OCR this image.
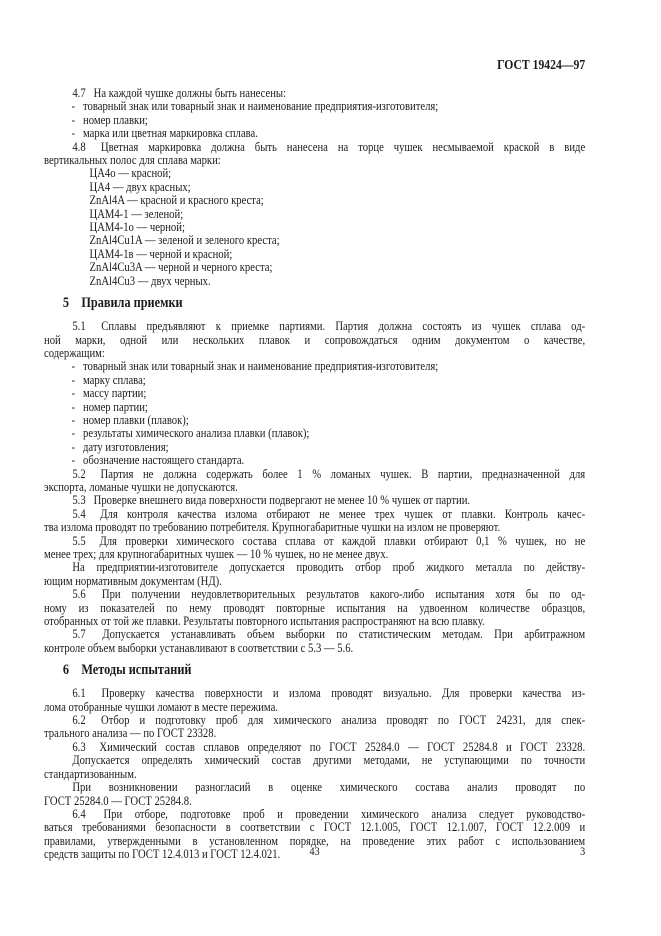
ГОСТ 19424—97
4.7  На каждой чушке должны быть нанесены:
-  товарный знак или товарный знак и наименование предприятия-изготовителя;
-  номер плавки;
-  марка или цветная маркировка сплава.
4.8  Цветная маркировка должна быть нанесена на торце чушек несмываемой краской в виде
вертикальных полос для сплава марки:
ЦА4о — красной;
ЦА4 — двух красных;
ZnAl4A — красной и красного креста;
ЦАМ4-1 — зеленой;
ЦАМ4-1о — черной;
ZnAl4Cu1A — зеленой и зеленого креста;
ЦАМ4-1в — черной и красной;
ZnAl4Cu3A — черной и черного креста;
ZnAl4Cu3 — двух черных.
5 Правила приемки
5.1  Сплавы предъявляют к приемке партиями. Партия должна состоять из чушек сплава од-
ной марки, одной или нескольких плавок и сопровождаться одним документом о качестве,
содержащим:
-  товарный знак или товарный знак и наименование предприятия-изготовителя;
-  марку сплава;
-  массу партии;
-  номер партии;
-  номер плавки (плавок);
-  результаты химического анализа плавки (плавок);
-  дату изготовления;
-  обозначение настоящего стандарта.
5.2  Партия не должна содержать более 1 % ломаных чушек. В партии, предназначенной для
экспорта, ломаные чушки не допускаются.
5.3  Проверке внешнего вида поверхности подвергают не менее 10 % чушек от партии.
5.4  Для контроля качества излома отбирают не менее трех чушек от плавки. Контроль качес-
тва излома проводят по требованию потребителя. Крупногабаритные чушки на излом не проверяют.
5.5  Для проверки химического состава сплава от каждой плавки отбирают 0,1 % чушек, но не
менее трех; для крупногабаритных чушек — 10 % чушек, но не менее двух.
На предприятии-изготовителе допускается проводить отбор проб жидкого металла по действу-
ющим нормативным документам (НД).
5.6  При получении неудовлетворительных результатов какого-либо испытания хотя бы по од-
ному из показателей по нему проводят повторные испытания на удвоенном количестве образцов,
отобранных от той же плавки. Результаты повторного испытания распространяют на всю плавку.
5.7  Допускается устанавливать объем выборки по статистическим методам. При арбитражном
контроле объем выборки устанавливают в соответствии с 5.3 — 5.6.
6 Методы испытаний
6.1  Проверку качества поверхности и излома проводят визуально. Для проверки качества из-
лома отобранные чушки ломают в месте пережима.
6.2  Отбор и подготовку проб для химического анализа проводят по ГОСТ 24231, для спек-
трального анализа — по ГОСТ 23328.
6.3  Химический состав сплавов определяют по ГОСТ 25284.0 — ГОСТ 25284.8 и ГОСТ 23328.
Допускается определять химический состав другими методами, не уступающими по точности
стандартизованным.
При возникновении разногласий в оценке химического состава анализ проводят по
ГОСТ 25284.0 — ГОСТ 25284.8.
6.4  При отборе, подготовке проб и проведении химического анализа следует руководство-
ваться требованиями безопасности в соответствии с ГОСТ 12.1.005, ГОСТ 12.1.007, ГОСТ 12.2.009 и
правилами, утвержденными в установленном порядке, на проведение этих работ с использованием
средств защиты по ГОСТ 12.4.013 и ГОСТ 12.4.021.	43	3
